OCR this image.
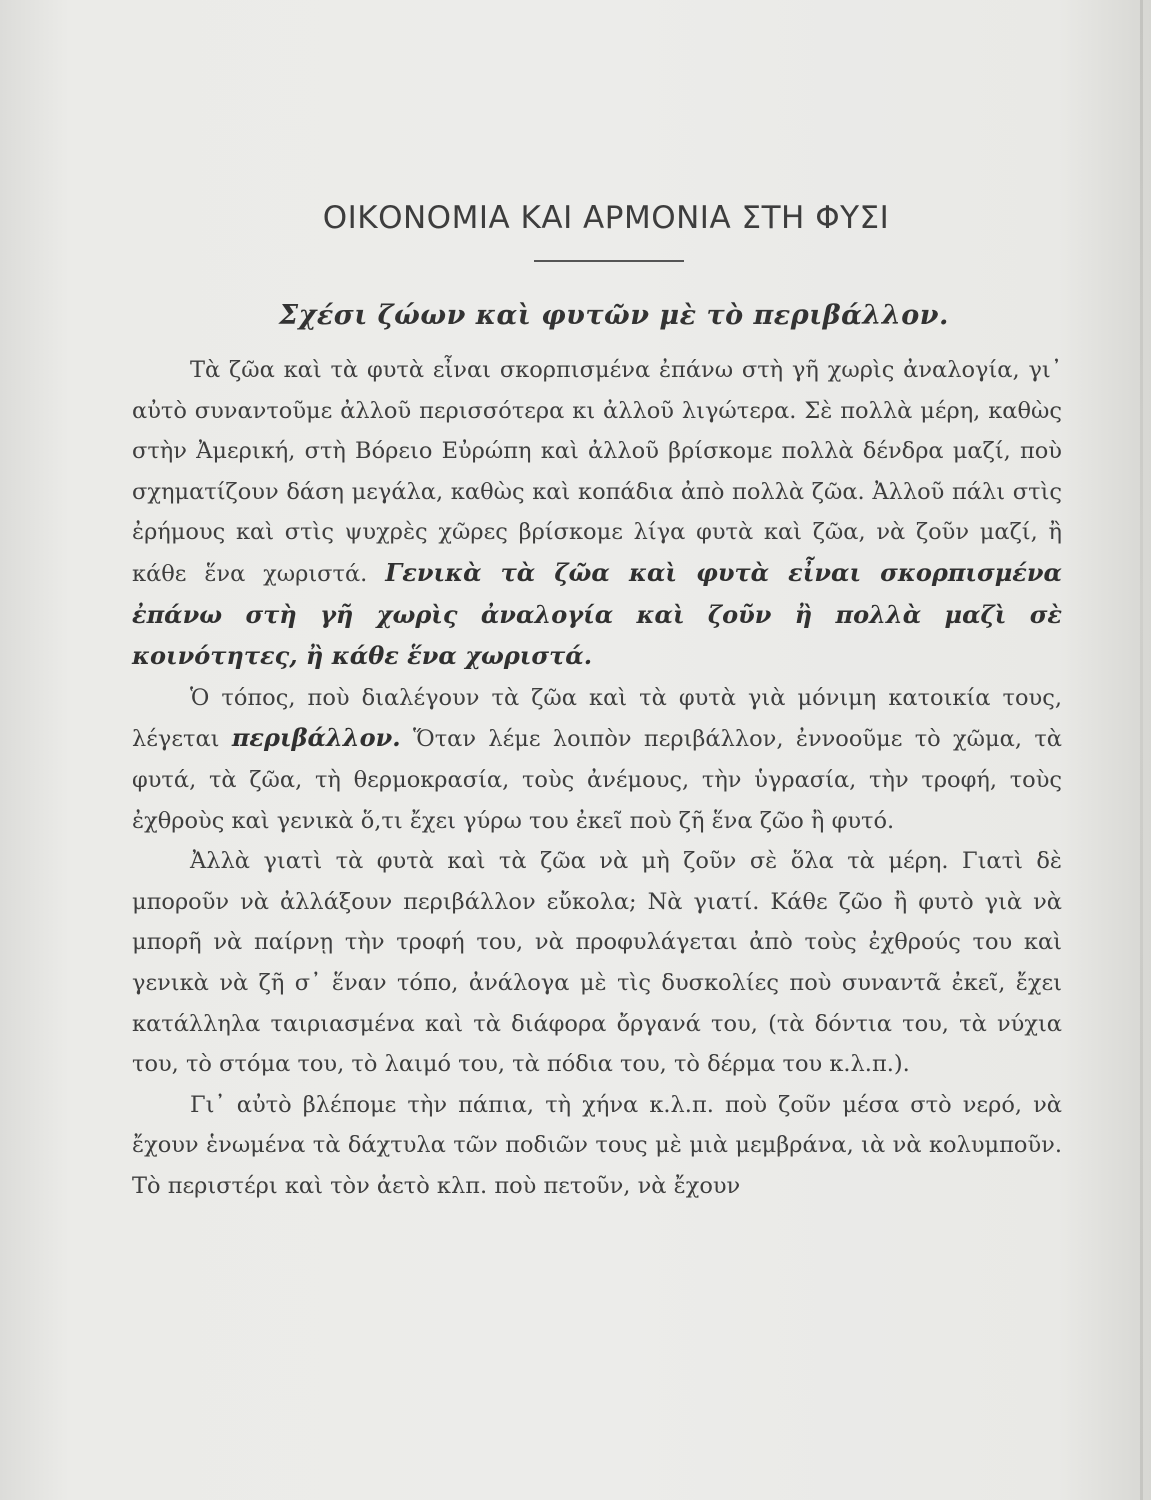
ΟΙΚΟΝΟΜΙΑ ΚΑΙ ΑΡΜΟΝΙΑ ΣΤΗ ΦΥΣΙ
Σχέσι ζώων καὶ φυτῶν μὲ τὸ περιβάλλον.

Τὰ ζῶα καὶ τὰ φυτὰ εἶναι σκορπισμένα ἐπάνω στὴ γῆ χωρὶς ἀναλογία, γι᾽ αὐτὸ συναντοῦμε ἀλλοῦ περισσότερα κι ἀλλοῦ λιγώτερα. Σὲ πολλὰ μέρη, καθὼς στὴν Ἀμερική, στὴ Βόρειο Εὐρώπη καὶ ἀλλοῦ βρίσκομε πολλὰ δένδρα μαζί, ποὺ σχηματίζουν δάση μεγάλα, καθὼς καὶ κοπάδια ἀπὸ πολλὰ ζῶα. Ἀλλοῦ πάλι στὶς ἐρήμους καὶ στὶς ψυχρὲς χῶρες βρίσκομε λίγα φυτὰ καὶ ζῶα, νὰ ζοῦν μαζί, ἢ κάθε ἕνα χωριστά. Γενικὰ τὰ ζῶα καὶ φυτὰ εἶναι σκορπισμένα ἐπάνω στὴ γῆ χωρὶς ἀναλογία καὶ ζοῦν ἢ πολλὰ μαζὶ σὲ κοινότητες, ἢ κάθε ἕνα χωριστά.

Ὁ τόπος, ποὺ διαλέγουν τὰ ζῶα καὶ τὰ φυτὰ γιὰ μόνιμη κατοικία τους, λέγεται περιβάλλον. Ὅταν λέμε λοιπὸν περιβάλλον, ἐννοοῦμε τὸ χῶμα, τὰ φυτά, τὰ ζῶα, τὴ θερμοκρασία, τοὺς ἀνέμους, τὴν ὑγρασία, τὴν τροφή, τοὺς ἐχθροὺς καὶ γενικὰ ὅ,τι ἔχει γύρω του ἐκεῖ ποὺ ζῆ ἕνα ζῶο ἢ φυτό.

Ἀλλὰ γιατὶ τὰ φυτὰ καὶ τὰ ζῶα νὰ μὴ ζοῦν σὲ ὅλα τὰ μέρη. Γιατὶ δὲ μποροῦν νὰ ἀλλάξουν περιβάλλον εὔκολα; Νὰ γιατί. Κάθε ζῶο ἢ φυτὸ γιὰ νὰ μπορῆ νὰ παίρνῃ τὴν τροφή του, νὰ προφυλάγεται ἀπὸ τοὺς ἐχθρούς του καὶ γενικὰ νὰ ζῆ σ᾽ ἕναν τόπο, ἀνάλογα μὲ τὶς δυσκολίες ποὺ συναντᾶ ἐκεῖ, ἔχει κατάλληλα ταιριασμένα καὶ τὰ διάφορα ὄργανά του, (τὰ δόντια του, τὰ νύχια του, τὸ στόμα του, τὸ λαιμό του, τὰ πόδια του, τὸ δέρμα του κ.λ.π.).

Γι᾽ αὐτὸ βλέπομε τὴν πάπια, τὴ χήνα κ.λ.π. ποὺ ζοῦν μέσα στὸ νερό, νὰ ἔχουν ἑνωμένα τὰ δάχτυλα τῶν ποδιῶν τους μὲ μιὰ μεμβράνα, ιὰ νὰ κολυμποῦν. Τὸ περιστέρι καὶ τὸν ἀετὸ κλπ. ποὺ πετοῦν, νὰ ἔχουν
